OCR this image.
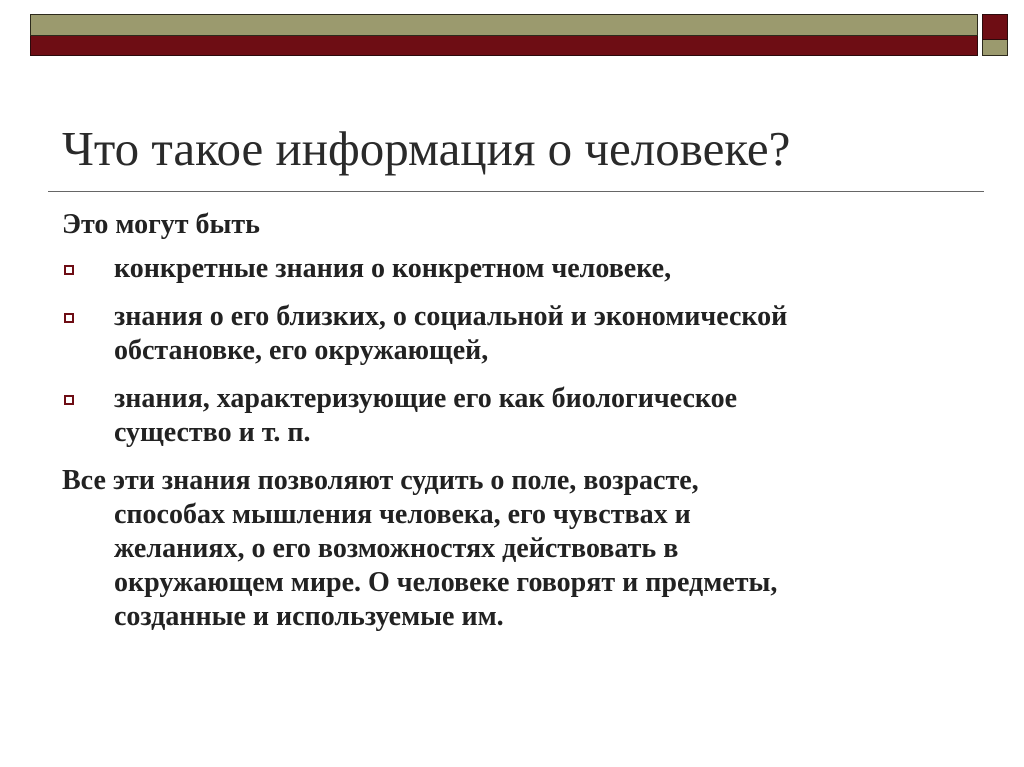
Что такое информация о человеке?

Это могут быть

конкретные знания о конкретном человеке,
знания о его близких, о социальной и экономической
обстановке, его окружающей,
знания, характеризующие его как биологическое
существо и т. п.
Все эти знания позволяют судить о поле, возрасте,
способах мышления человека, его чувствах и
желаниях, о его возможностях действовать в
окружающем мире. О человеке говорят и предметы,
созданные и используемые им.
